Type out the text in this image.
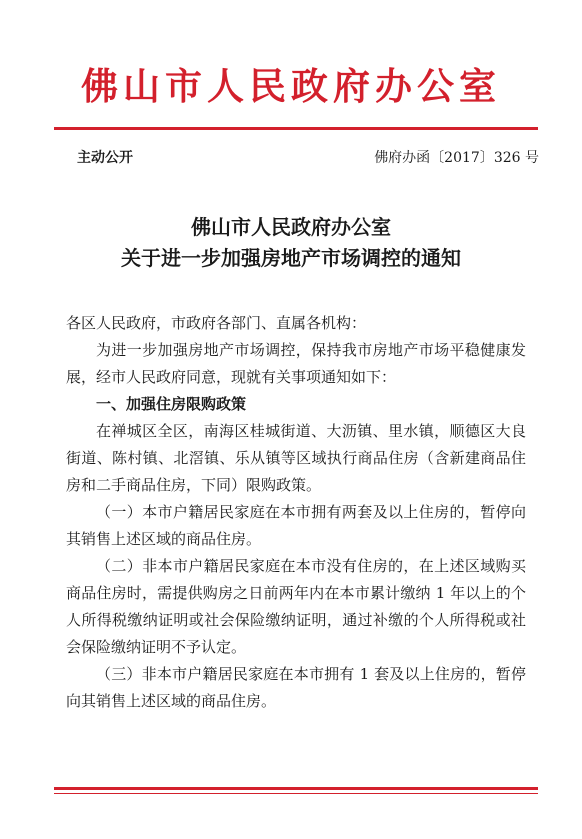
佛山市人民政府办公室
主动公开	佛府办函〔2017〕326 号
佛山市人民政府办公室
关于进一步加强房地产市场调控的通知

各区人民政府，市政府各部门、直属各机构：

为进一步加强房地产市场调控，保持我市房地产市场平稳健康发展，经市人民政府同意，现就有关事项通知如下：

一、加强住房限购政策

在禅城区全区，南海区桂城街道、大沥镇、里水镇，顺德区大良街道、陈村镇、北滘镇、乐从镇等区域执行商品住房（含新建商品住房和二手商品住房，下同）限购政策。

（一）本市户籍居民家庭在本市拥有两套及以上住房的，暂停向其销售上述区域的商品住房。

（二）非本市户籍居民家庭在本市没有住房的，在上述区域购买商品住房时，需提供购房之日前两年内在本市累计缴纳 1 年以上的个人所得税缴纳证明或社会保险缴纳证明，通过补缴的个人所得税或社会保险缴纳证明不予认定。

（三）非本市户籍居民家庭在本市拥有 1 套及以上住房的，暂停向其销售上述区域的商品住房。
